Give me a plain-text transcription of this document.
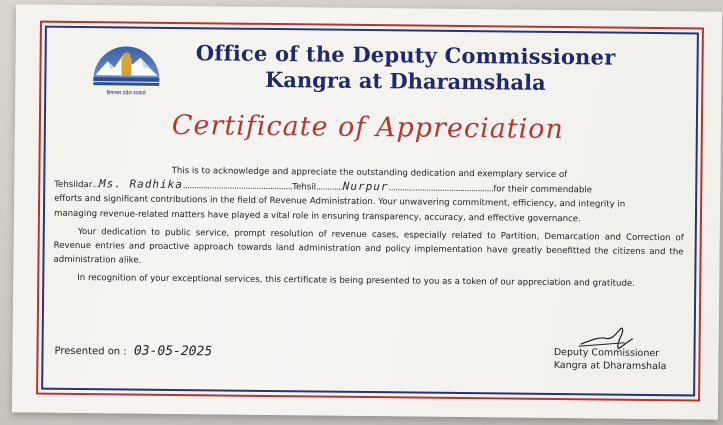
हिमाचल प्रदेश सरकार
Office of the Deputy Commissioner
Kangra at Dharamshala
Certificate of Appreciation

This is to acknowledge and appreciate the outstanding dedication and exemplary service of

Tehsildar...Ms. Radhika.................................................Tehsil............Nurpur...............................................for their commendable

efforts and significant contributions in the field of Revenue Administration. Your unwavering commitment, efficiency, and integrity in

managing revenue-related matters have played a vital role in ensuring transparency, accuracy, and effective governance.

Your dedication to public service, prompt resolution of revenue cases, especially related to Partition, Demarcation and Correction of Revenue entries and proactive approach towards land administration and policy implementation have greatly benefitted the citizens and the administration alike.

In recognition of your exceptional services, this certificate is being presented to you as a token of our appreciation and gratitude.

Presented on : 03-05-2025	Deputy Commissioner
Kangra at Dharamshala
